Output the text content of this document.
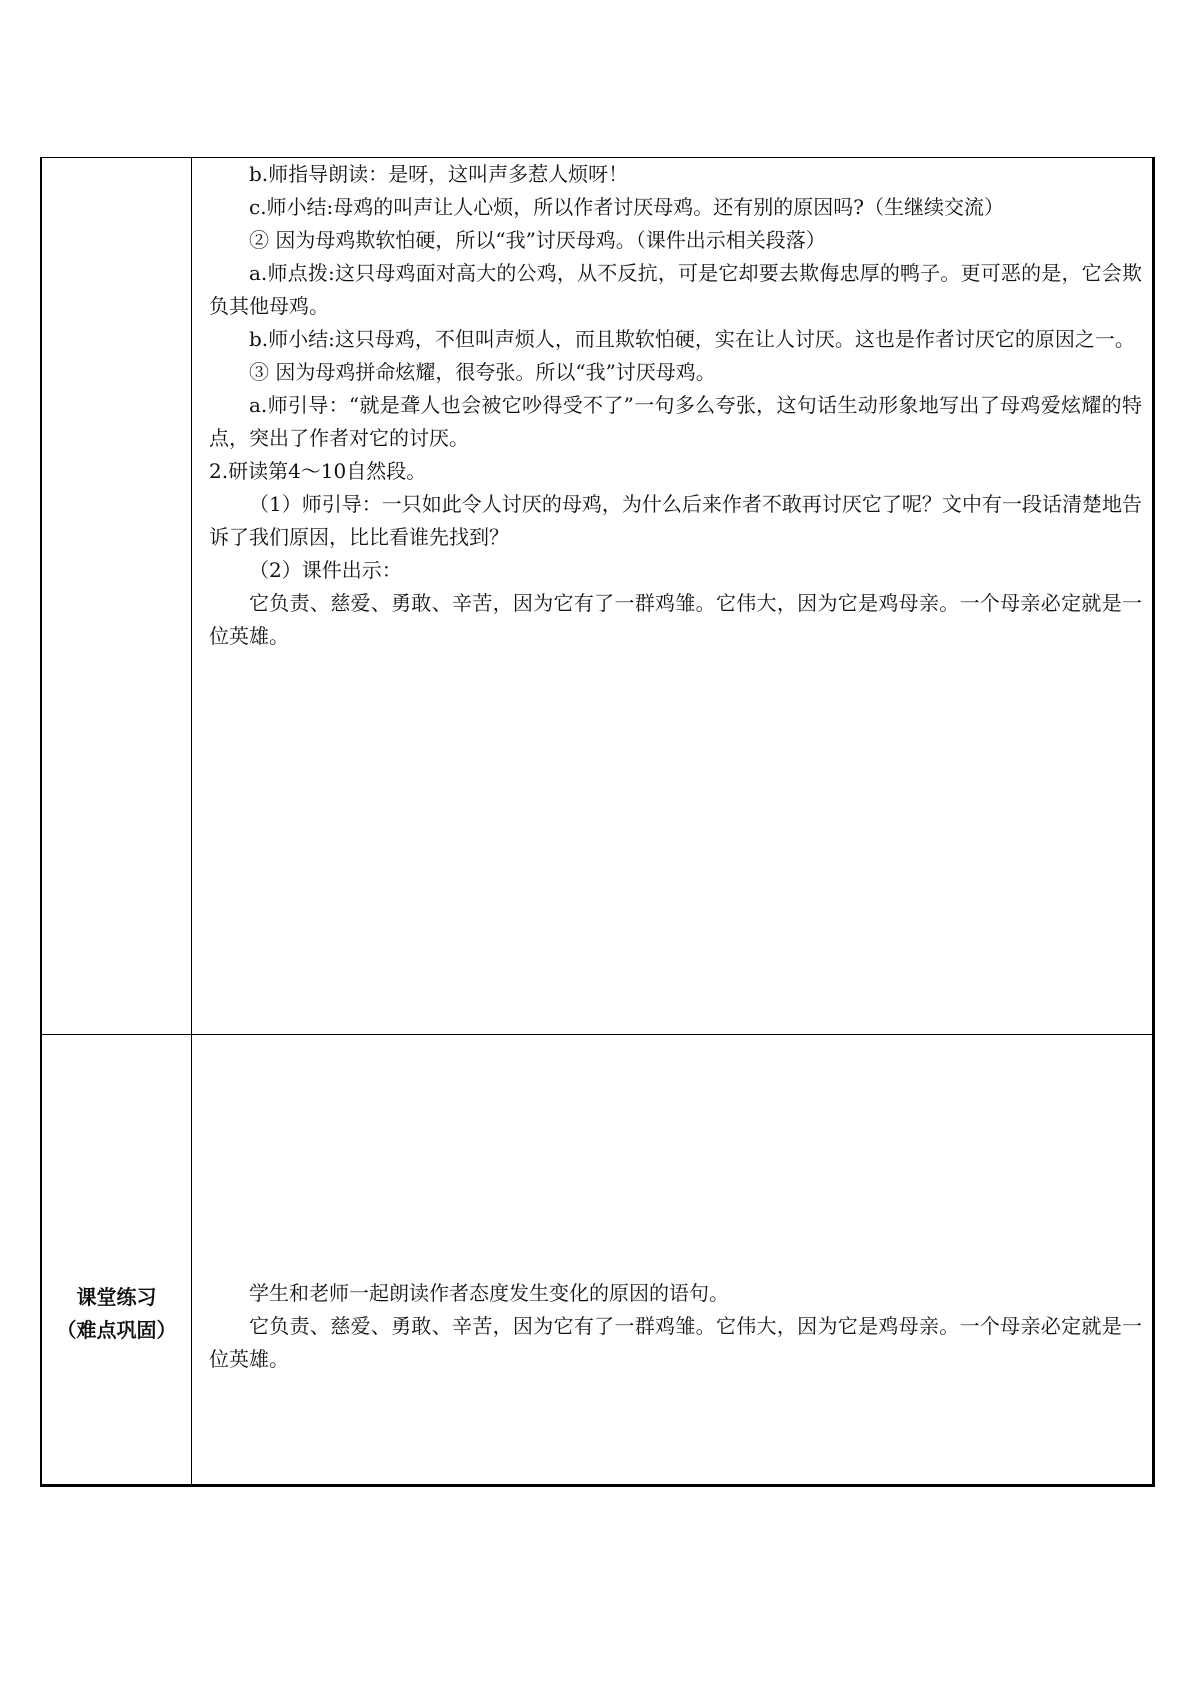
b.师指导朗读：是呀，这叫声多惹人烦呀！

c.师小结:母鸡的叫声让人心烦，所以作者讨厌母鸡。还有别的原因吗?（生继续交流）

② 因为母鸡欺软怕硬，所以“我”讨厌母鸡。（课件出示相关段落）

a.师点拨:这只母鸡面对高大的公鸡，从不反抗，可是它却要去欺侮忠厚的鸭子。更可恶的是，它会欺负其他母鸡。

b.师小结:这只母鸡，不但叫声烦人，而且欺软怕硬，实在让人讨厌。这也是作者讨厌它的原因之一。

③ 因为母鸡拼命炫耀，很夸张。所以“我”讨厌母鸡。

a.师引导：“就是聋人也会被它吵得受不了”一句多么夸张，这句话生动形象地写出了母鸡爱炫耀的特点，突出了作者对它的讨厌。

2.研读第4～10自然段。

（1）师引导：一只如此令人讨厌的母鸡，为什么后来作者不敢再讨厌它了呢？文中有一段话清楚地告诉了我们原因，比比看谁先找到？

（2）课件出示：

它负责、慈爱、勇敢、辛苦，因为它有了一群鸡雏。它伟大，因为它是鸡母亲。一个母亲必定就是一位英雄。

课堂练习
（难点巩固）

学生和老师一起朗读作者态度发生变化的原因的语句。

它负责、慈爱、勇敢、辛苦，因为它有了一群鸡雏。它伟大，因为它是鸡母亲。一个母亲必定就是一位英雄。
